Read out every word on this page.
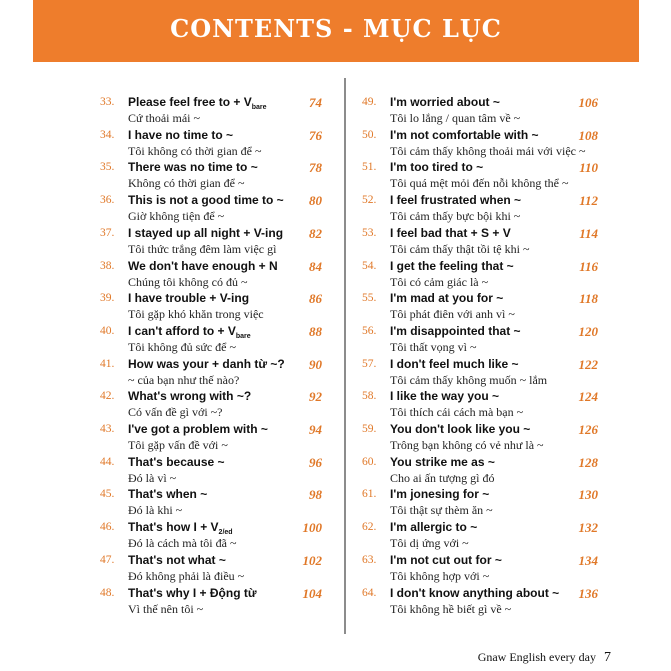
CONTENTS - MỤC LỤC
33. Please feel free to + $V_{bare}$
Cứ thoải mái ~
74
34. I have no time to ~
Tôi không có thời gian để ~
76
35. There was no time to ~
Không có thời gian để ~
78
36. This is not a good time to ~
Giờ không tiện để ~
80
37. I stayed up all night + V-ing
Tôi thức trắng đêm làm việc gì
82
38. We don't have enough + N
Chúng tôi không có đủ ~
84
39. I have trouble + V-ing
Tôi gặp khó khăn trong việc
86
40. I can't afford to + $V_{bare}$
Tôi không đủ sức để ~
88
41. How was your + danh từ ~?
~ của bạn như thế nào?
90
42. What's wrong with ~?
Có vấn đề gì với ~?
92
43. I've got a problem with ~
Tôi gặp vấn đề với ~
94
44. That's because ~
Đó là vì ~
96
45. That's when ~
Đó là khi ~
98
46. That's how $I + V_{2/ed}$
Đó là cách mà tôi đã ~
100
47. That's not what ~
Đó không phải là điều ~
102
48. That's why I + Động từ
Vì thế nên tôi ~
104
49. I'm worried about ~
Tôi lo lắng / quan tâm về ~
106
50. I'm not comfortable with ~
Tôi cảm thấy không thoải mái với việc ~
108
51. I'm too tired to ~
Tôi quá mệt mỏi đến nỗi không thể ~
110
52. I feel frustrated when ~
Tôi cảm thấy bực bội khi ~
112
53. I feel bad that + S + V
Tôi cảm thấy thật tồi tệ khi ~
114
54. I get the feeling that ~
Tôi có cảm giác là ~
116
55. I'm mad at you for ~
Tôi phát điên với anh vì ~
118
56. I'm disappointed that ~
Tôi thất vọng vì ~
120
57. I don't feel much like ~
Tôi cảm thấy không muốn ~ lắm
122
58. I like the way you ~
Tôi thích cái cách mà bạn ~
124
59. You don't look like you ~
Trông bạn không có vẻ như là ~
126
60. You strike me as ~
Cho ai ấn tượng gì đó
128
61. I'm jonesing for ~
Tôi thật sự thèm ăn ~
130
62. I'm allergic to ~
Tôi dị ứng với ~
132
63. I'm not cut out for ~
Tôi không hợp với ~
134
64. I don't know anything about ~
Tôi không hề biết gì về ~
136
Gnaw English every day 7
